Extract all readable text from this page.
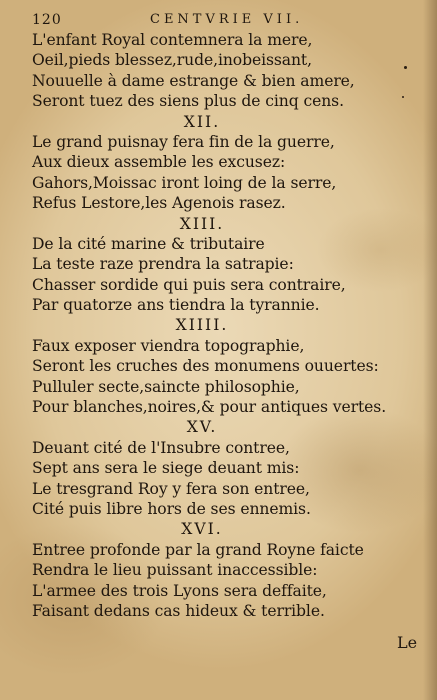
120	CENTVRIE VII.
L'enfant Royal contemnera la mere,
Oeil,pieds blessez,rude,inobeissant,
Nouuelle à dame estrange & bien amere,
Seront tuez des siens plus de cinq cens.
XII.
Le grand puisnay fera fin de la guerre,
Aux dieux assemble les excusez:
Gahors,Moissac iront loing de la serre,
Refus Lestore,les Agenois rasez.
XIII.
De la cité marine & tributaire
La teste raze prendra la satrapie:
Chasser sordide qui puis sera contraire,
Par quatorze ans tiendra la tyrannie.
XIIII.
Faux exposer viendra topographie,
Seront les cruches des monumens ouuertes:
Pulluler secte,saincte philosophie,
Pour blanches,noires,& pour antiques vertes.
XV.
Deuant cité de l'Insubre contree,
Sept ans sera le siege deuant mis:
Le tresgrand Roy y fera son entree,
Cité puis libre hors de ses ennemis.
XVI.
Entree profonde par la grand Royne faicte
Rendra le lieu puissant inaccessible:
L'armee des trois Lyons sera deffaite,
Faisant dedans cas hideux & terrible.
Le
